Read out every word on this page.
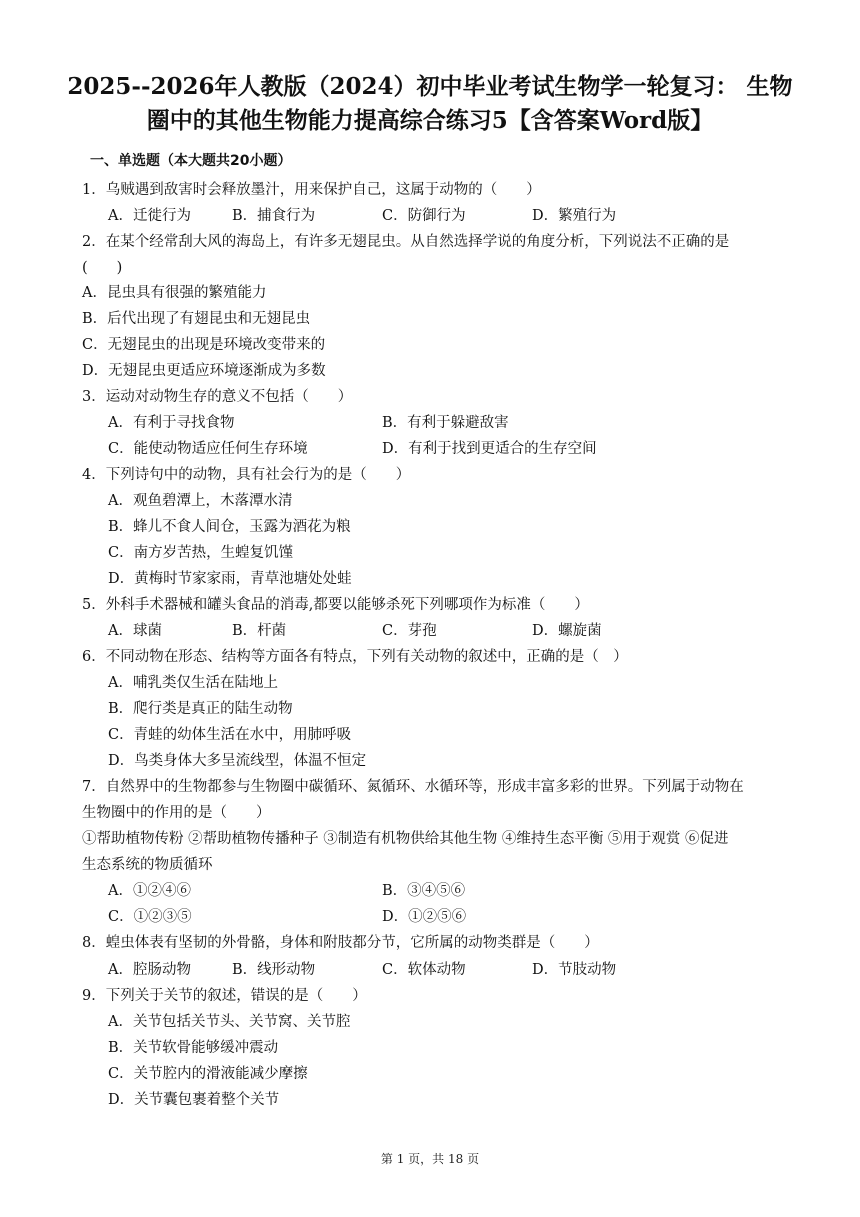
2025--2026年人教版（2024）初中毕业考试生物学一轮复习： 生物
圈中的其他生物能力提高综合练习5【含答案Word版】
一、单选题（本大题共20小题）
1．乌贼遇到敌害时会释放墨汁，用来保护自己，这属于动物的（　　）
A．迁徙行为	B．捕食行为	C．防御行为	D．繁殖行为
2．在某个经常刮大风的海岛上，有许多无翅昆虫。从自然选择学说的角度分析，下列说法不正确的是
(　　)
A．昆虫具有很强的繁殖能力
B．后代出现了有翅昆虫和无翅昆虫
C．无翅昆虫的出现是环境改变带来的
D．无翅昆虫更适应环境逐渐成为多数
3．运动对动物生存的意义不包括（　　）
A．有利于寻找食物	B．有利于躲避敌害
C．能使动物适应任何生存环境	D．有利于找到更适合的生存空间
4．下列诗句中的动物，具有社会行为的是（　　）
A．观鱼碧潭上，木落潭水清
B．蜂儿不食人间仓，玉露为酒花为粮
C．南方岁苦热，生蝗复饥馑
D．黄梅时节家家雨，青草池塘处处蛙
5．外科手术器械和罐头食品的消毒,都要以能够杀死下列哪项作为标准（　　）
A．球菌	B．杆菌	C．芽孢	D．螺旋菌
6．不同动物在形态、结构等方面各有特点，下列有关动物的叙述中，正确的是（　）
A．哺乳类仅生活在陆地上
B．爬行类是真正的陆生动物
C．青蛙的幼体生活在水中，用肺呼吸
D．鸟类身体大多呈流线型，体温不恒定
7．自然界中的生物都参与生物圈中碳循环、氮循环、水循环等，形成丰富多彩的世界。下列属于动物在
生物圈中的作用的是（　　）
①帮助植物传粉 ②帮助植物传播种子 ③制造有机物供给其他生物 ④维持生态平衡 ⑤用于观赏 ⑥促进
生态系统的物质循环
A．①②④⑥	B．③④⑤⑥
C．①②③⑤	D．①②⑤⑥
8．蝗虫体表有坚韧的外骨骼，身体和附肢都分节，它所属的动物类群是（　　）
A．腔肠动物	B．线形动物	C．软体动物	D．节肢动物
9．下列关于关节的叙述，错误的是（　　）
A．关节包括关节头、关节窝、关节腔
B．关节软骨能够缓冲震动
C．关节腔内的滑液能减少摩擦
D．关节囊包裹着整个关节
第 1 页，共 18 页
